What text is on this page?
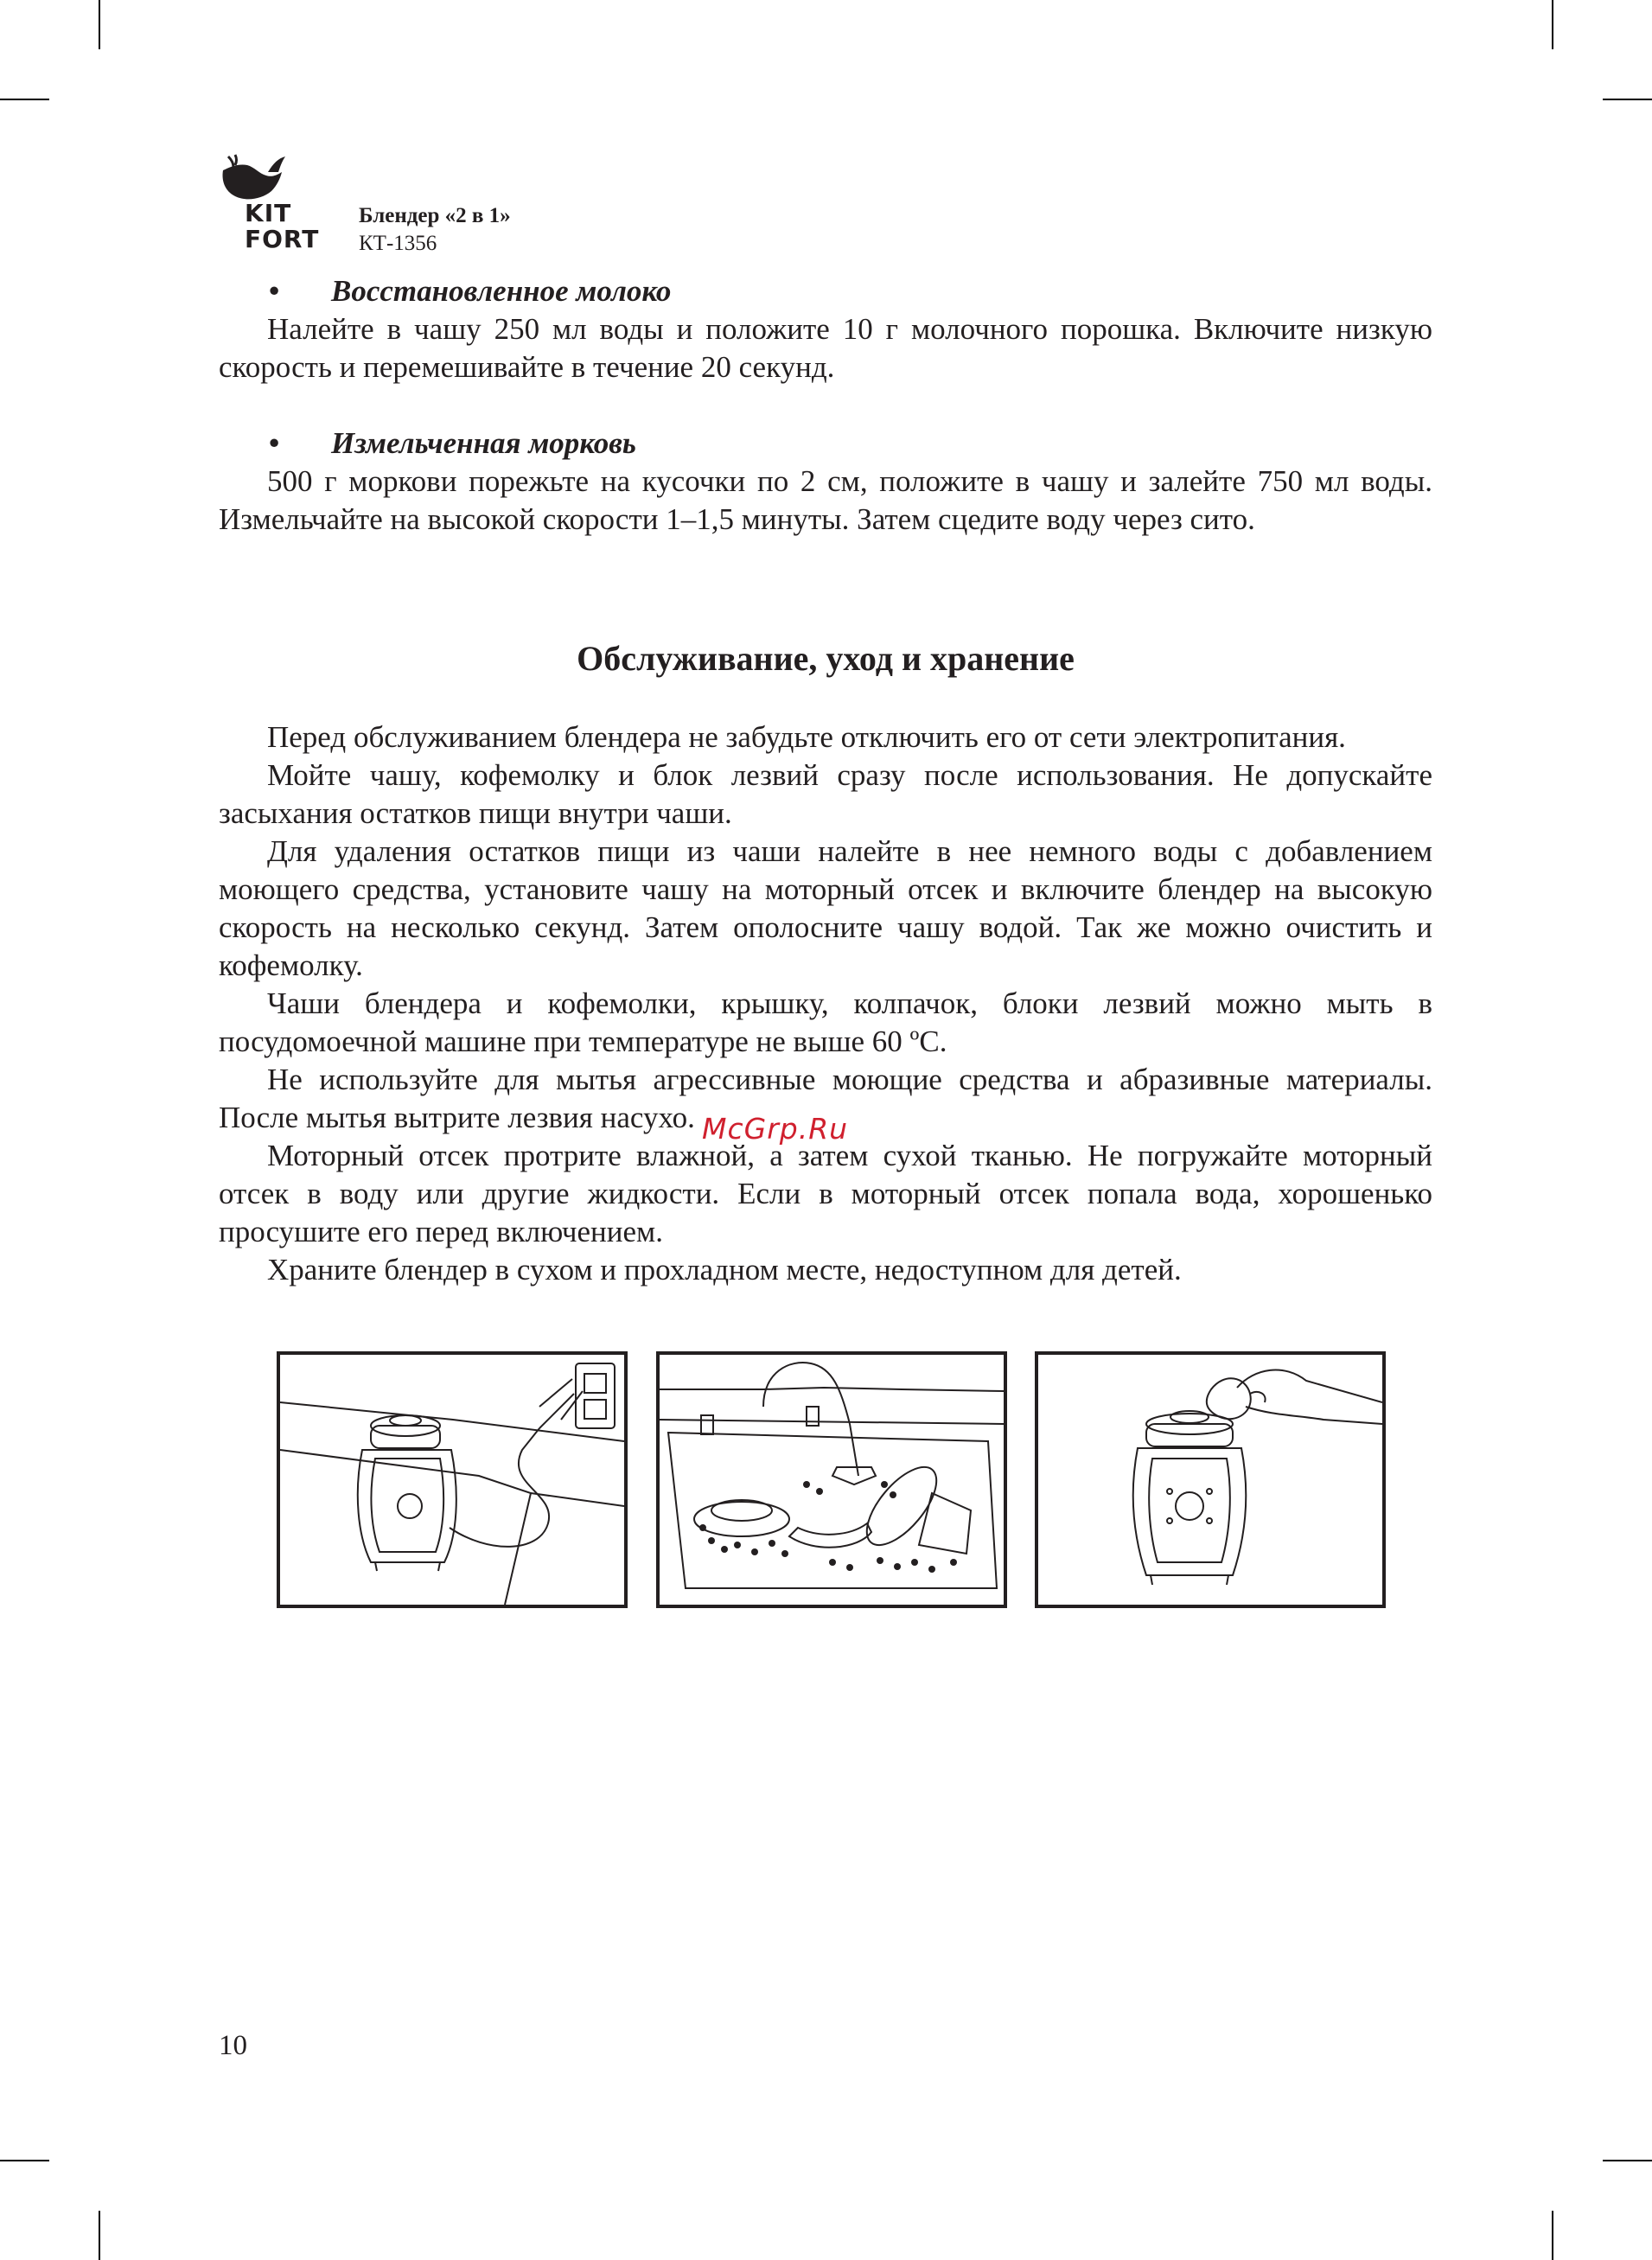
KIT
FORT
Блендер «2 в 1»
КТ-1356
• Восстановленное молоко

Налейте в чашу 250 мл воды и положите 10 г молочного порошка. Включите низкую скорость и перемешивайте в течение 20 секунд.

• Измельченная морковь

500 г моркови порежьте на кусочки по 2 см, положите в чашу и залейте 750 мл воды. Измельчайте на высокой скорости 1–1,5 минуты. Затем сцедите воду через сито.

Обслуживание, уход и хранение

Перед обслуживанием блендера не забудьте отключить его от сети электропитания.

Мойте чашу, кофемолку и блок лезвий сразу после использования. Не допускайте засыхания остатков пищи внутри чаши.

Для удаления остатков пищи из чаши налейте в нее немного воды с добавлением моющего средства, установите чашу на моторный отсек и включите блендер на высокую скорость на несколько секунд. Затем ополосните чашу водой. Так же можно очистить и кофемолку.

Чаши блендера и кофемолки, крышку, колпачок, блоки лезвий можно мыть в посудомоечной машине при температуре не выше 60 ºС.

Не используйте для мытья агрессивные моющие средства и абразивные материалы. После мытья вытрите лезвия насухо.

Моторный отсек протрите влажной, а затем сухой тканью. Не погружайте моторный отсек в воду или другие жидкости. Если в моторный отсек попала вода, хорошенько просушите его перед включением.

Храните блендер в сухом и прохладном месте, недоступном для детей.

McGrp.Ru
10
